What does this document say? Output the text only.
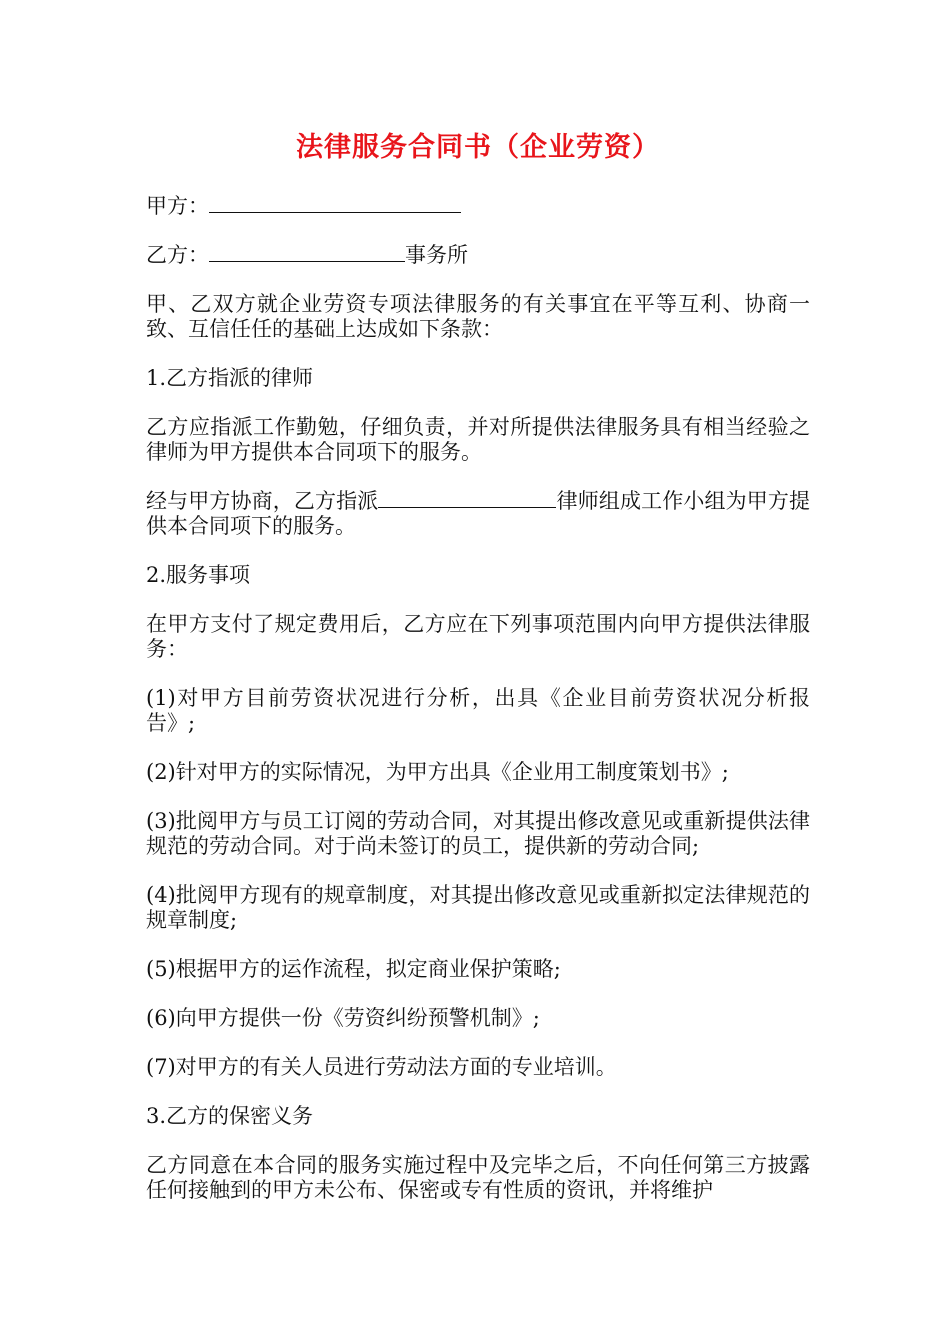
法律服务合同书（企业劳资）

甲方：

乙方：	事务所

甲、乙双方就企业劳资专项法律服务的有关事宜在平等互利、协商一致、互信任任的基础上达成如下条款：

1.乙方指派的律师

乙方应指派工作勤勉，仔细负责，并对所提供法律服务具有相当经验之律师为甲方提供本合同项下的服务。

经与甲方协商，乙方指派	律师组成工作小组为甲方提供本合同项下的服务。

2.服务事项

在甲方支付了规定费用后，乙方应在下列事项范围内向甲方提供法律服务：

(1)对甲方目前劳资状况进行分析，出具《企业目前劳资状况分析报告》;

(2)针对甲方的实际情况，为甲方出具《企业用工制度策划书》;

(3)批阅甲方与员工订阅的劳动合同，对其提出修改意见或重新提供法律规范的劳动合同。对于尚未签订的员工，提供新的劳动合同;

(4)批阅甲方现有的规章制度，对其提出修改意见或重新拟定法律规范的规章制度;

(5)根据甲方的运作流程，拟定商业保护策略;

(6)向甲方提供一份《劳资纠纷预警机制》;

(7)对甲方的有关人员进行劳动法方面的专业培训。

3.乙方的保密义务

乙方同意在本合同的服务实施过程中及完毕之后，不向任何第三方披露任何接触到的甲方未公布、保密或专有性质的资讯，并将维护
